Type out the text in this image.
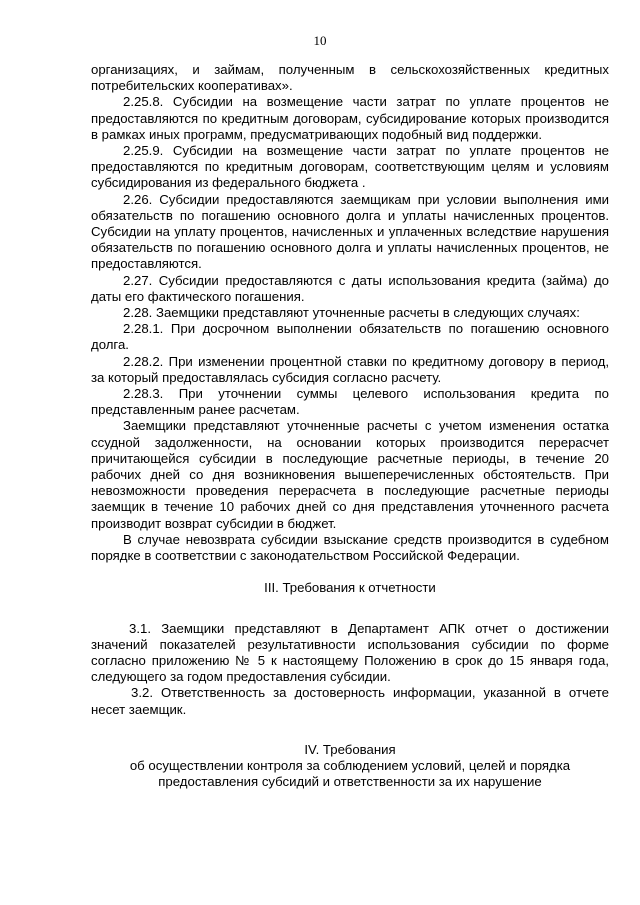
10

организациях, и займам, полученным в сельскохозяйственных кредитных потребительских кооперативах».

2.25.8. Субсидии на возмещение части затрат по уплате процентов не предоставляются по кредитным договорам, субсидирование которых производится в рамках иных программ, предусматривающих подобный вид поддержки.

2.25.9. Субсидии на возмещение части затрат по уплате процентов не предоставляются по кредитным договорам, соответствующим целям и условиям субсидирования из федерального бюджета .

2.26. Субсидии предоставляются заемщикам при условии выполнения ими обязательств по погашению основного долга и уплаты начисленных процентов. Субсидии на уплату процентов, начисленных и уплаченных вследствие нарушения обязательств по погашению основного долга и уплаты начисленных процентов, не предоставляются.

2.27. Субсидии предоставляются с даты использования кредита (займа) до даты его фактического погашения.

2.28. Заемщики представляют уточненные расчеты в следующих случаях:

2.28.1. При досрочном выполнении обязательств по погашению основного долга.

2.28.2. При изменении процентной ставки по кредитному договору в период, за который предоставлялась субсидия согласно расчету.

2.28.3. При уточнении суммы целевого использования кредита по представленным ранее расчетам.

Заемщики представляют уточненные расчеты с учетом изменения остатка ссудной задолженности, на основании которых производится перерасчет причитающейся субсидии в последующие расчетные периоды, в течение 20 рабочих дней со дня возникновения вышеперечисленных обстоятельств. При невозможности проведения перерасчета в последующие расчетные периоды заемщик в течение 10 рабочих дней со дня представления уточненного расчета производит возврат субсидии в бюджет.

В случае невозврата субсидии взыскание средств производится в судебном порядке в соответствии с законодательством Российской Федерации.

III. Требования к отчетности

3.1. Заемщики представляют в Департамент АПК отчет о достижении значений показателей результативности использования субсидии по форме согласно приложению № 5 к настоящему Положению в срок до 15 января года, следующего за годом предоставления субсидии.

3.2. Ответственность за достоверность информации, указанной в отчете несет заемщик.

IV. Требования

об осуществлении контроля за соблюдением условий, целей и порядка
предоставления субсидий и ответственности за их нарушение
